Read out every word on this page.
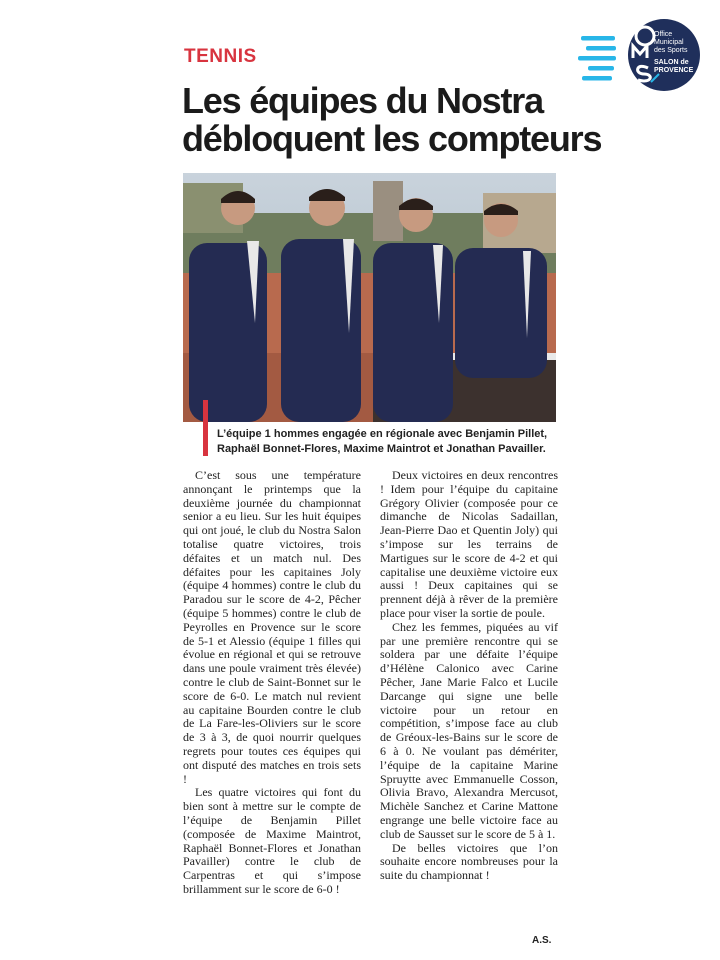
Office
Municipal
des Sports
SALON de
PROVENCE
TENNIS
Les équipes du Nostra
débloquent les compteurs
L’équipe 1 hommes engagée en régionale avec Benjamin Pillet,
Raphaël Bonnet-Flores, Maxime Maintrot et Jonathan Pavailler.

C’est sous une température annonçant le printemps que la deuxième journée du championnat senior a eu lieu. Sur les huit équipes qui ont joué, le club du Nostra Salon totalise quatre victoires, trois défaites et un match nul. Des défaites pour les capitaines Joly (équipe 4 hommes) contre le club du Paradou sur le score de 4-2, Pêcher (équipe 5 hommes) contre le club de Peyrolles en Provence sur le score de 5-1 et Alessio (équipe 1 filles qui évolue en régional et qui se retrouve dans une poule vraiment très élevée) contre le club de Saint-Bonnet sur le score de 6-0. Le match nul revient au capitaine Bourden contre le club de La Fare-les-Oliviers sur le score de 3 à 3, de quoi nourrir quelques regrets pour toutes ces équipes qui ont disputé des matches en trois sets !

Les quatre victoires qui font du bien sont à mettre sur le compte de l’équipe de Benjamin Pillet (composée de Maxime Maintrot, Raphaël Bonnet-Flores et Jonathan Pavailler) contre le club de Carpentras et qui s’impose brillamment sur le score de 6-0 !

Deux victoires en deux rencontres ! Idem pour l’équipe du capitaine Grégory Olivier (composée pour ce dimanche de Nicolas Sadaillan, Jean-Pierre Dao et Quentin Joly) qui s’impose sur les terrains de Martigues sur le score de 4-2 et qui capitalise une deuxième victoire eux aussi ! Deux capitaines qui se prennent déjà à rêver de la première place pour viser la sortie de poule.

Chez les femmes, piquées au vif par une première rencontre qui se soldera par une défaite l’équipe d’Hélène Calonico avec Carine Pêcher, Jane Marie Falco et Lucile Darcange qui signe une belle victoire pour un retour en compétition, s’impose face au club de Gréoux-les-Bains sur le score de 6 à 0. Ne voulant pas démériter, l’équipe de la capitaine Marine Spruytte avec Emmanuelle Cosson, Olivia Bravo, Alexandra Mercusot, Michèle Sanchez et Carine Mattone engrange une belle victoire face au club de Sausset sur le score de 5 à 1.

De belles victoires que l’on souhaite encore nombreuses pour la suite du championnat !

A.S.
